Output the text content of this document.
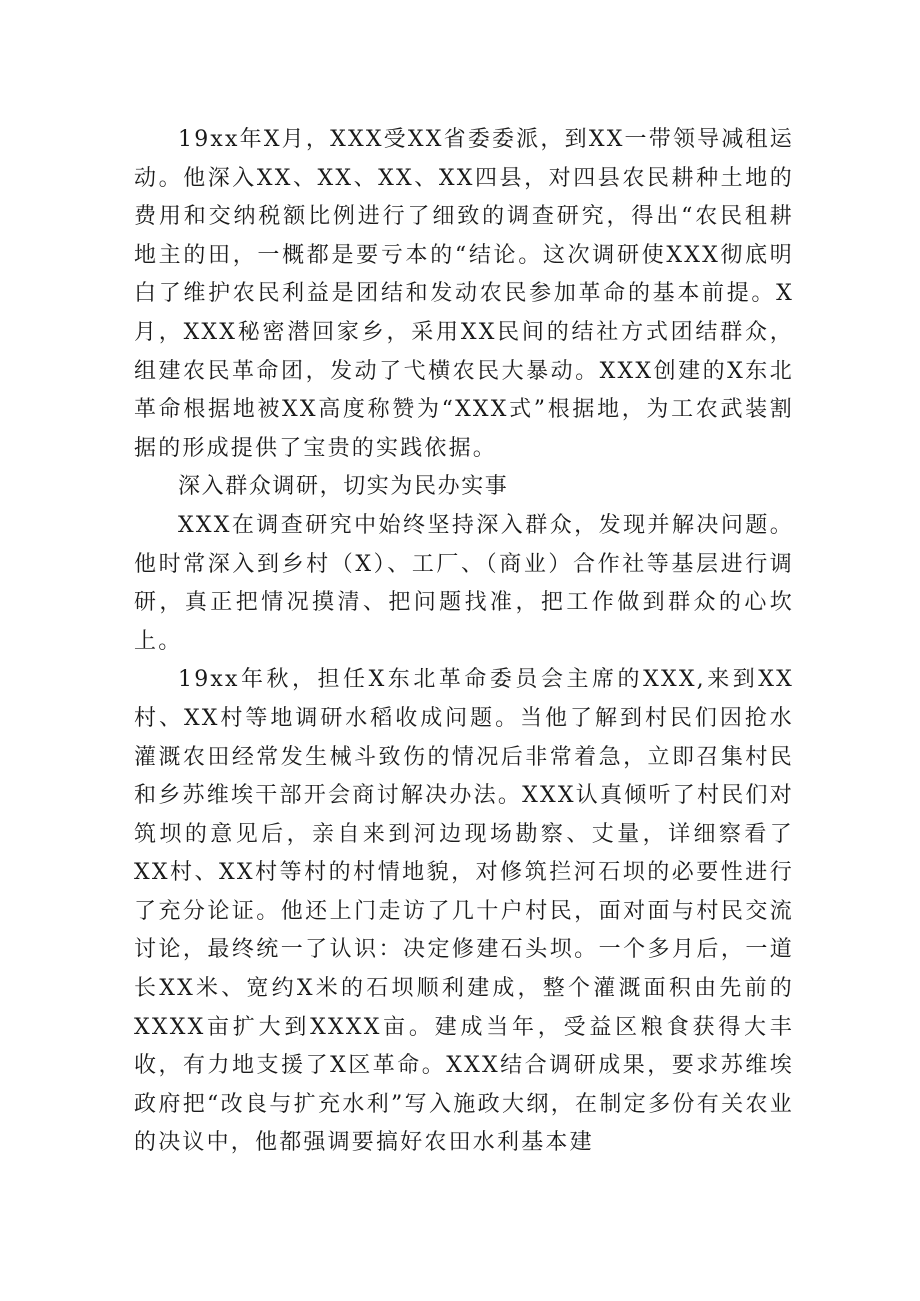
19xx年X月，XXX受XX省委委派，到XX一带领导减租运动。他深入XX、XX、XX、XX四县，对四县农民耕种土地的费用和交纳税额比例进行了细致的调查研究，得出“农民租耕地主的田，一概都是要亏本的“结论。这次调研使XXX彻底明白了维护农民利益是团结和发动农民参加革命的基本前提。X月，XXX秘密潜回家乡，采用XX民间的结社方式团结群众，组建农民革命团，发动了弋横农民大暴动。XXX创建的X东北革命根据地被XX高度称赞为“XXX式”根据地，为工农武装割据的形成提供了宝贵的实践依据。

深入群众调研，切实为民办实事

XXX在调查研究中始终坚持深入群众，发现并解决问题。他时常深入到乡村（X）、工厂、（商业）合作社等基层进行调研，真正把情况摸清、把问题找准，把工作做到群众的心坎上。

19xx年秋，担任X东北革命委员会主席的XXX,来到XX村、XX村等地调研水稻收成问题。当他了解到村民们因抢水灌溉农田经常发生械斗致伤的情况后非常着急，立即召集村民和乡苏维埃干部开会商讨解决办法。XXX认真倾听了村民们对筑坝的意见后，亲自来到河边现场勘察、丈量，详细察看了XX村、XX村等村的村情地貌，对修筑拦河石坝的必要性进行了充分论证。他还上门走访了几十户村民，面对面与村民交流讨论，最终统一了认识：决定修建石头坝。一个多月后，一道长XX米、宽约X米的石坝顺利建成，整个灌溉面积由先前的XXXX亩扩大到XXXX亩。建成当年，受益区粮食获得大丰收，有力地支援了X区革命。XXX结合调研成果，要求苏维埃政府把“改良与扩充水利”写入施政大纲，在制定多份有关农业的决议中，他都强调要搞好农田水利基本建
